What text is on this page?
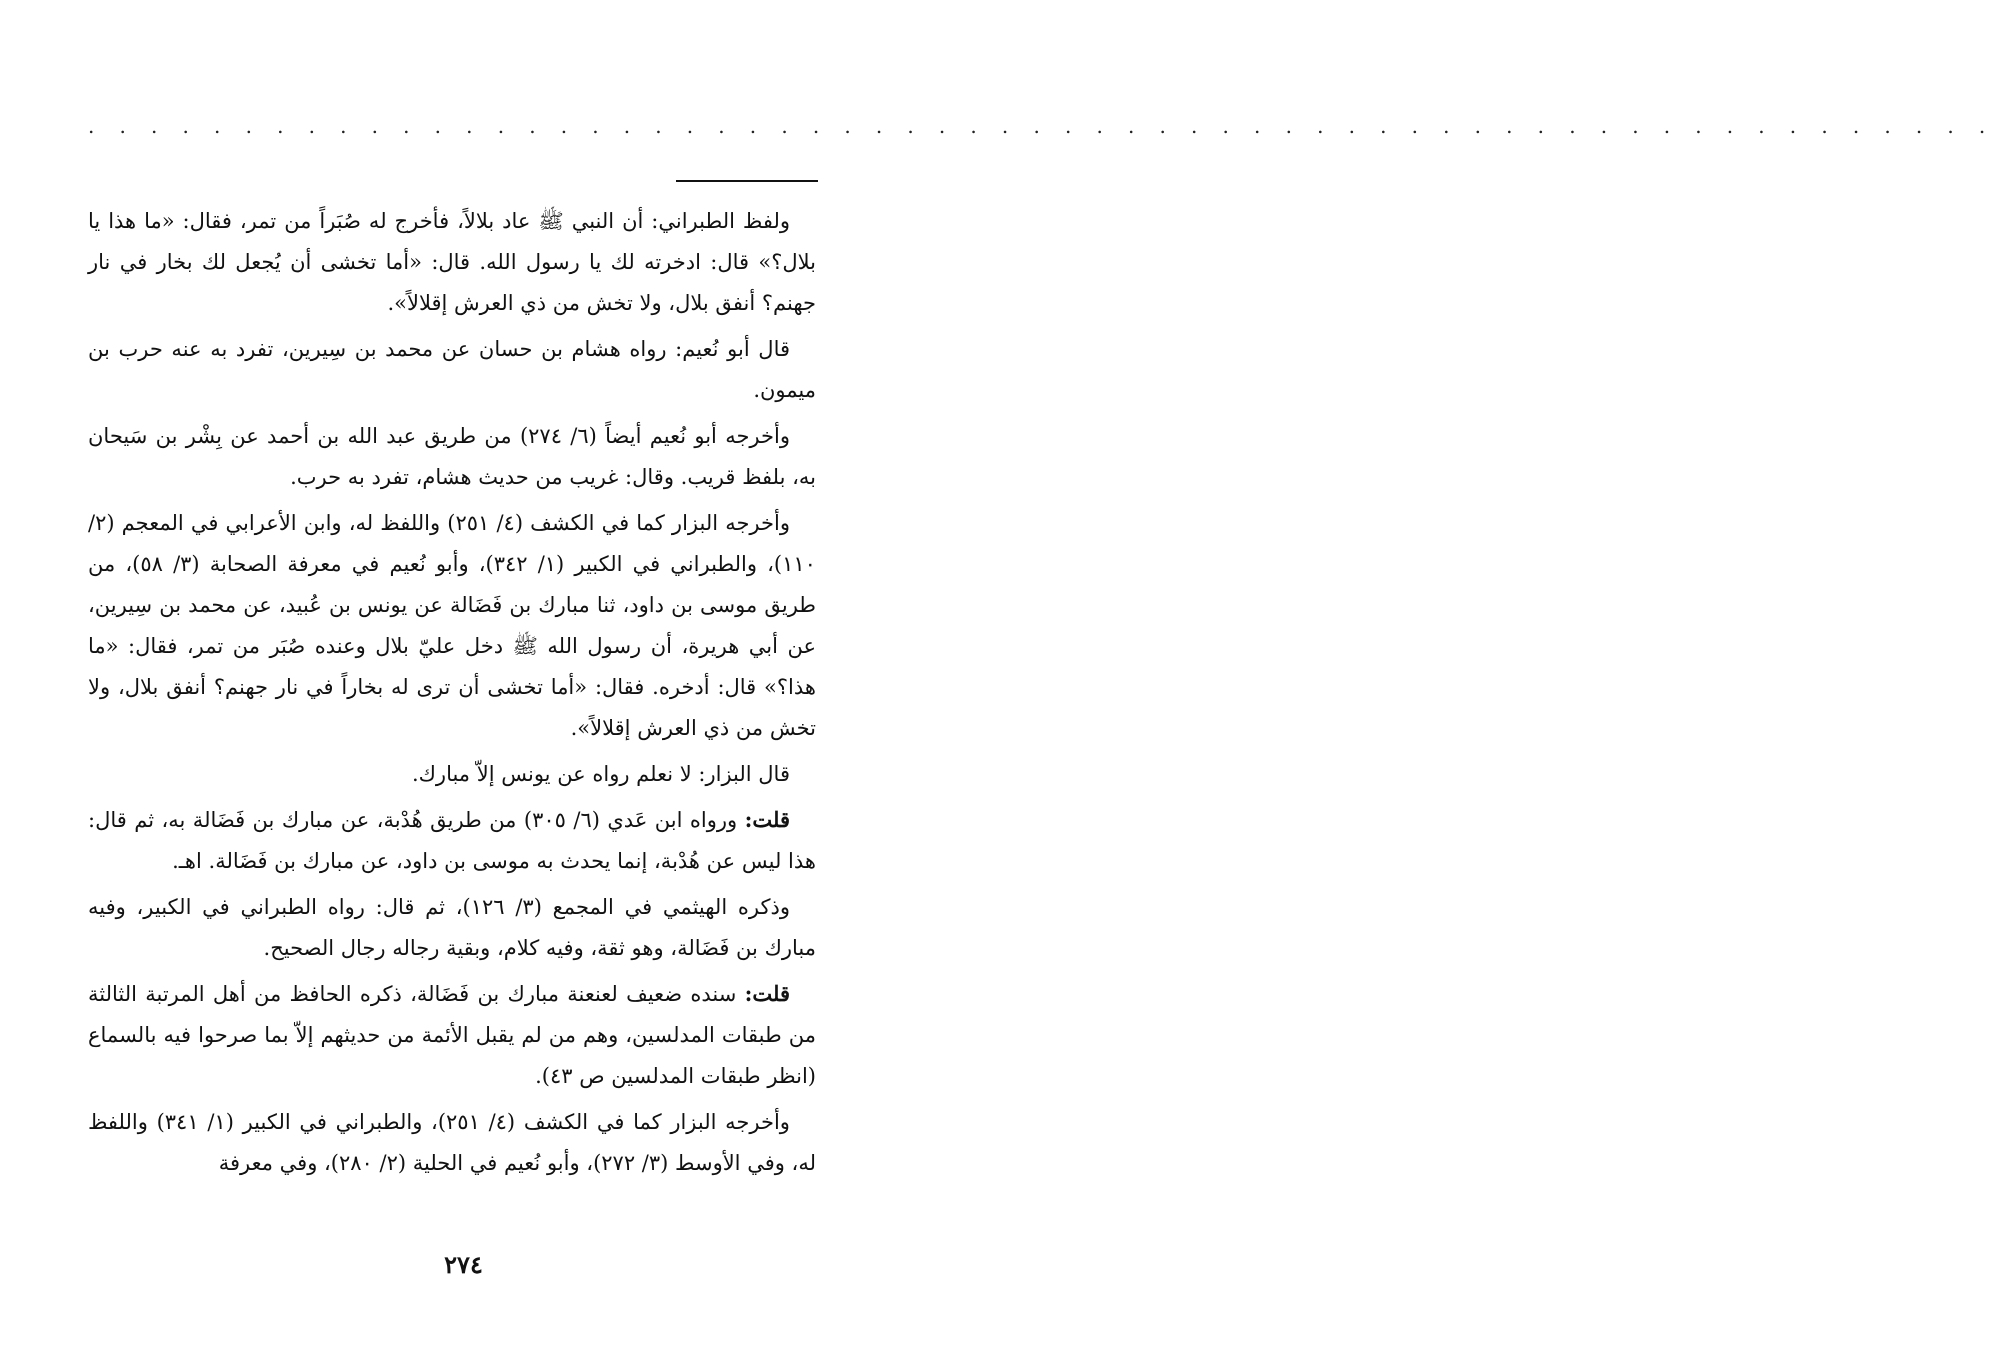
. . . . . . . . . . . . . . . . . . . . . . . . . . . . . . . . . . . . . . . . . . . . . . . . . . . . . . . . . . . . .

ولفظ الطبراني: أن النبي ﷺ عاد بلالاً، فأخرج له صُبَراً من تمر، فقال: «ما هذا يا بلال؟» قال: ادخرته لك يا رسول الله. قال: «أما تخشى أن يُجعل لك بخار في نار جهنم؟ أنفق بلال، ولا تخش من ذي العرش إقلالاً».

قال أبو نُعيم: رواه هشام بن حسان عن محمد بن سِيرين، تفرد به عنه حرب بن ميمون.

وأخرجه أبو نُعيم أيضاً (٦/ ٢٧٤) من طريق عبد الله بن أحمد عن بِشْر بن سَيحان به، بلفظ قريب. وقال: غريب من حديث هشام، تفرد به حرب.

وأخرجه البزار كما في الكشف (٤/ ٢٥١) واللفظ له، وابن الأعرابي في المعجم (٢/ ١١٠)، والطبراني في الكبير (١/ ٣٤٢)، وأبو نُعيم في معرفة الصحابة (٣/ ٥٨)، من طريق موسى بن داود، ثنا مبارك بن فَضَالة عن يونس بن عُبيد، عن محمد بن سِيرين، عن أبي هريرة، أن رسول الله ﷺ دخل عليّ بلال وعنده صُبَر من تمر، فقال: «ما هذا؟» قال: أدخره. فقال: «أما تخشى أن ترى له بخاراً في نار جهنم؟ أنفق بلال، ولا تخش من ذي العرش إقلالاً».

قال البزار: لا نعلم رواه عن يونس إلاّ مبارك.

قلت: ورواه ابن عَدي (٦/ ٣٠٥) من طريق هُدْبة، عن مبارك بن فَضَالة به، ثم قال: هذا ليس عن هُدْبة، إنما يحدث به موسى بن داود، عن مبارك بن فَضَالة. اهـ.

وذكره الهيثمي في المجمع (٣/ ١٢٦)، ثم قال: رواه الطبراني في الكبير، وفيه مبارك بن فَضَالة، وهو ثقة، وفيه كلام، وبقية رجاله رجال الصحيح.

قلت: سنده ضعيف لعنعنة مبارك بن فَضَالة، ذكره الحافظ من أهل المرتبة الثالثة من طبقات المدلسين، وهم من لم يقبل الأئمة من حديثهم إلاّ بما صرحوا فيه بالسماع (انظر طبقات المدلسين ص ٤٣).

وأخرجه البزار كما في الكشف (٤/ ٢٥١)، والطبراني في الكبير (١/ ٣٤١) واللفظ له، وفي الأوسط (٣/ ٢٧٢)، وأبو نُعيم في الحلية (٢/ ٢٨٠)، وفي معرفة

٢٧٤
